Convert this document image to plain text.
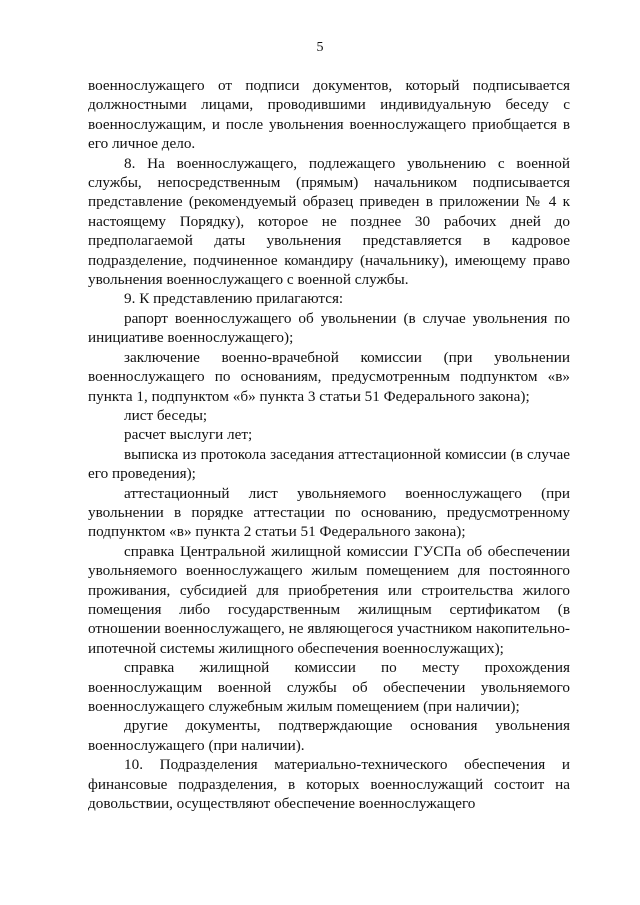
5

военнослужащего от подписи документов, который подписывается должностными лицами, проводившими индивидуальную беседу с военнослужащим, и после увольнения военнослужащего приобщается в его личное дело.

8. На военнослужащего, подлежащего увольнению с военной службы, непосредственным (прямым) начальником подписывается представление (рекомендуемый образец приведен в приложении № 4 к настоящему Порядку), которое не позднее 30 рабочих дней до предполагаемой даты увольнения представляется в кадровое подразделение, подчиненное командиру (начальнику), имеющему право увольнения военнослужащего с военной службы.

9. К представлению прилагаются:

рапорт военнослужащего об увольнении (в случае увольнения по инициативе военнослужащего);

заключение военно-врачебной комиссии (при увольнении военнослужащего по основаниям, предусмотренным подпунктом «в» пункта 1, подпунктом «б» пункта 3 статьи 51 Федерального закона);

лист беседы;

расчет выслуги лет;

выписка из протокола заседания аттестационной комиссии (в случае его проведения);

аттестационный лист увольняемого военнослужащего (при увольнении в порядке аттестации по основанию, предусмотренному подпунктом «в» пункта 2 статьи 51 Федерального закона);

справка Центральной жилищной комиссии ГУСПа об обеспечении увольняемого военнослужащего жилым помещением для постоянного проживания, субсидией для приобретения или строительства жилого помещения либо государственным жилищным сертификатом (в отношении военнослужащего, не являющегося участником накопительно-ипотечной системы жилищного обеспечения военнослужащих);

справка жилищной комиссии по месту прохождения военнослужащим военной службы об обеспечении увольняемого военнослужащего служебным жилым помещением (при наличии);

другие документы, подтверждающие основания увольнения военнослужащего (при наличии).

10. Подразделения материально-технического обеспечения и финансовые подразделения, в которых военнослужащий состоит на довольствии, осуществляют обеспечение военнослужащего
